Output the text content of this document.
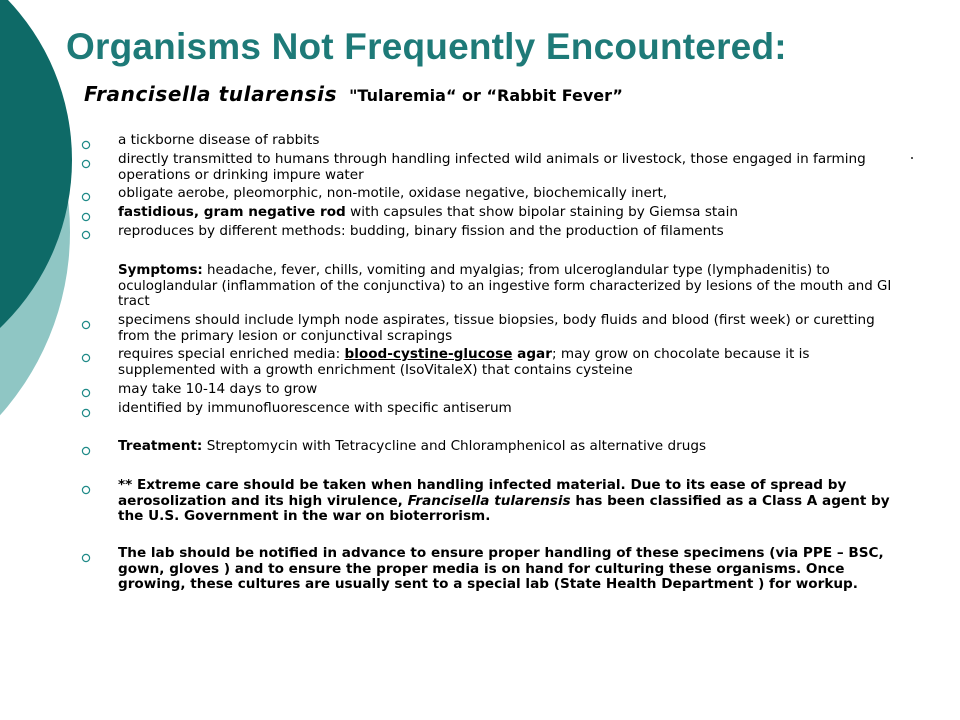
Organisms Not Frequently Encountered:
Francisella tularensis "Tularemia“ or “Rabbit Fever”
a tickborne disease of rabbits
directly transmitted to humans through handling infected wild animals or livestock, those engaged in farming operations or drinking impure water
obligate aerobe, pleomorphic, non-motile, oxidase negative, biochemically inert,
fastidious, gram negative rod with capsules that show bipolar staining by Giemsa stain
reproduces by different methods: budding, binary fission and the production of filaments
Symptoms: headache, fever, chills, vomiting and myalgias; from ulceroglandular type (lymphadenitis) to oculoglandular (inflammation of the conjunctiva) to an ingestive form characterized by lesions of the mouth and GI tract
specimens should include lymph node aspirates, tissue biopsies, body fluids and blood (first week) or curetting from the primary lesion or conjunctival scrapings
requires special enriched media: blood-cystine-glucose agar; may grow on chocolate because it is supplemented with a growth enrichment (IsoVitaleX) that contains cysteine
may take 10-14 days to grow
identified by immunofluorescence with specific antiserum
Treatment: Streptomycin with Tetracycline and Chloramphenicol as alternative drugs
** Extreme care should be taken when handling infected material. Due to its ease of spread by aerosolization and its high virulence, Francisella tularensis has been classified as a Class A agent by the U.S. Government in the war on bioterrorism.
The lab should be notified in advance to ensure proper handling of these specimens (via PPE – BSC, gown, gloves ) and to ensure the proper media is on hand for culturing these organisms. Once growing, these cultures are usually sent to a special lab (State Health Department ) for workup.
